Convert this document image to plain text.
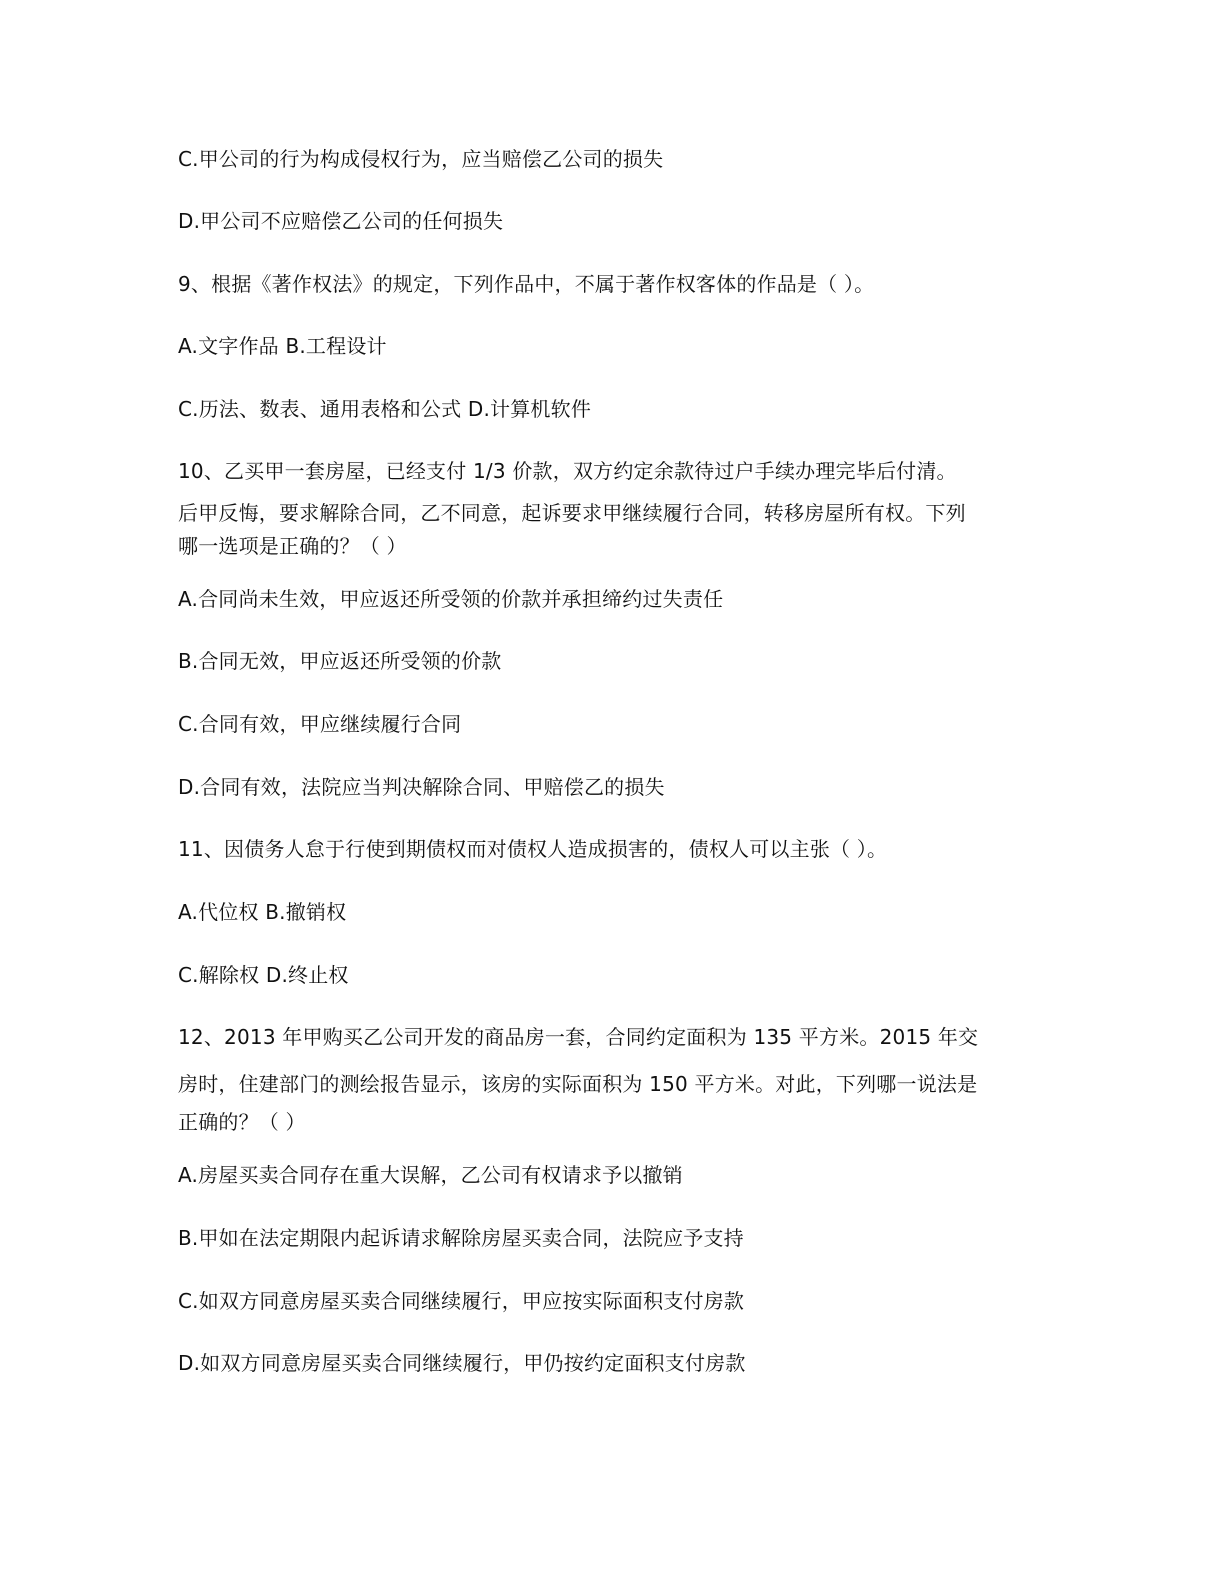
C.甲公司的行为构成侵权行为，应当赔偿乙公司的损失
D.甲公司不应赔偿乙公司的任何损失
9、根据《著作权法》的规定，下列作品中，不属于著作权客体的作品是（ ）。
A.文字作品 B.工程设计
C.历法、数表、通用表格和公式 D.计算机软件
10、乙买甲一套房屋，已经支付 1/3 价款，双方约定余款待过户手续办理完毕后付清。
后甲反悔，要求解除合同，乙不同意，起诉要求甲继续履行合同，转移房屋所有权。下列
哪一选项是正确的？（ ）
A.合同尚未生效，甲应返还所受领的价款并承担缔约过失责任
B.合同无效，甲应返还所受领的价款
C.合同有效，甲应继续履行合同
D.合同有效，法院应当判决解除合同、甲赔偿乙的损失
11、因债务人怠于行使到期债权而对债权人造成损害的，债权人可以主张（ ）。
A.代位权 B.撤销权
C.解除权 D.终止权
12、2013 年甲购买乙公司开发的商品房一套，合同约定面积为 135 平方米。2015 年交
房时，住建部门的测绘报告显示，该房的实际面积为 150 平方米。对此，下列哪一说法是
正确的？（ ）
A.房屋买卖合同存在重大误解，乙公司有权请求予以撤销
B.甲如在法定期限内起诉请求解除房屋买卖合同，法院应予支持
C.如双方同意房屋买卖合同继续履行，甲应按实际面积支付房款
D.如双方同意房屋买卖合同继续履行，甲仍按约定面积支付房款
